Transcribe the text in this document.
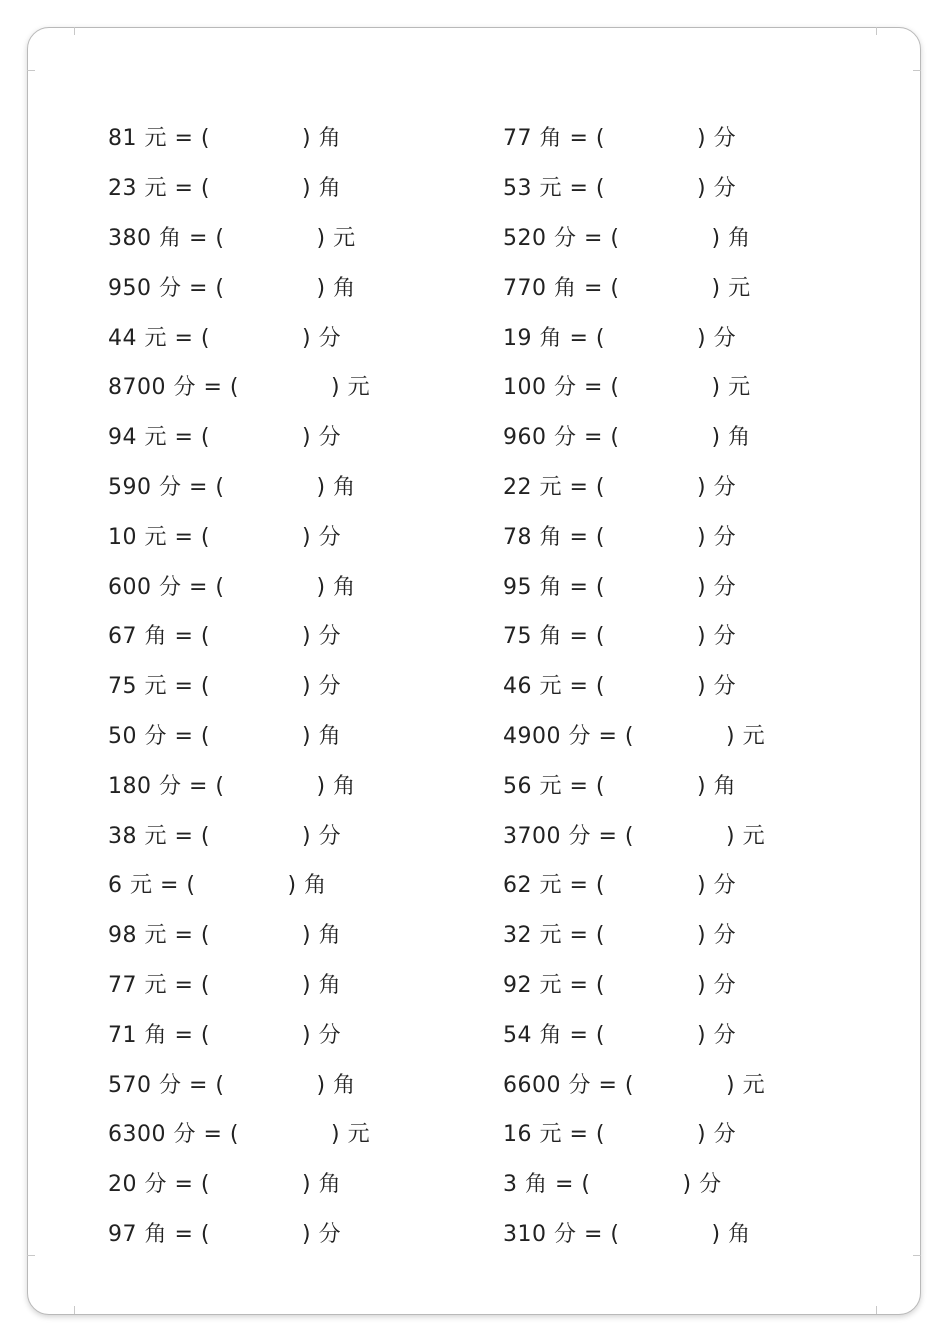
81 元 = (	) 角
23 元 = (	) 角
380 角 = (	) 元
950 分 = (	) 角
44 元 = (	) 分
8700 分 = (	) 元
94 元 = (	) 分
590 分 = (	) 角
10 元 = (	) 分
600 分 = (	) 角
67 角 = (	) 分
75 元 = (	) 分
50 分 = (	) 角
180 分 = (	) 角
38 元 = (	) 分
6 元 = (	) 角
98 元 = (	) 角
77 元 = (	) 角
71 角 = (	) 分
570 分 = (	) 角
6300 分 = (	) 元
20 分 = (	) 角
97 角 = (	) 分
77 角 = (	) 分
53 元 = (	) 分
520 分 = (	) 角
770 角 = (	) 元
19 角 = (	) 分
100 分 = (	) 元
960 分 = (	) 角
22 元 = (	) 分
78 角 = (	) 分
95 角 = (	) 分
75 角 = (	) 分
46 元 = (	) 分
4900 分 = (	) 元
56 元 = (	) 角
3700 分 = (	) 元
62 元 = (	) 分
32 元 = (	) 分
92 元 = (	) 分
54 角 = (	) 分
6600 分 = (	) 元
16 元 = (	) 分
3 角 = (	) 分
310 分 = (	) 角
